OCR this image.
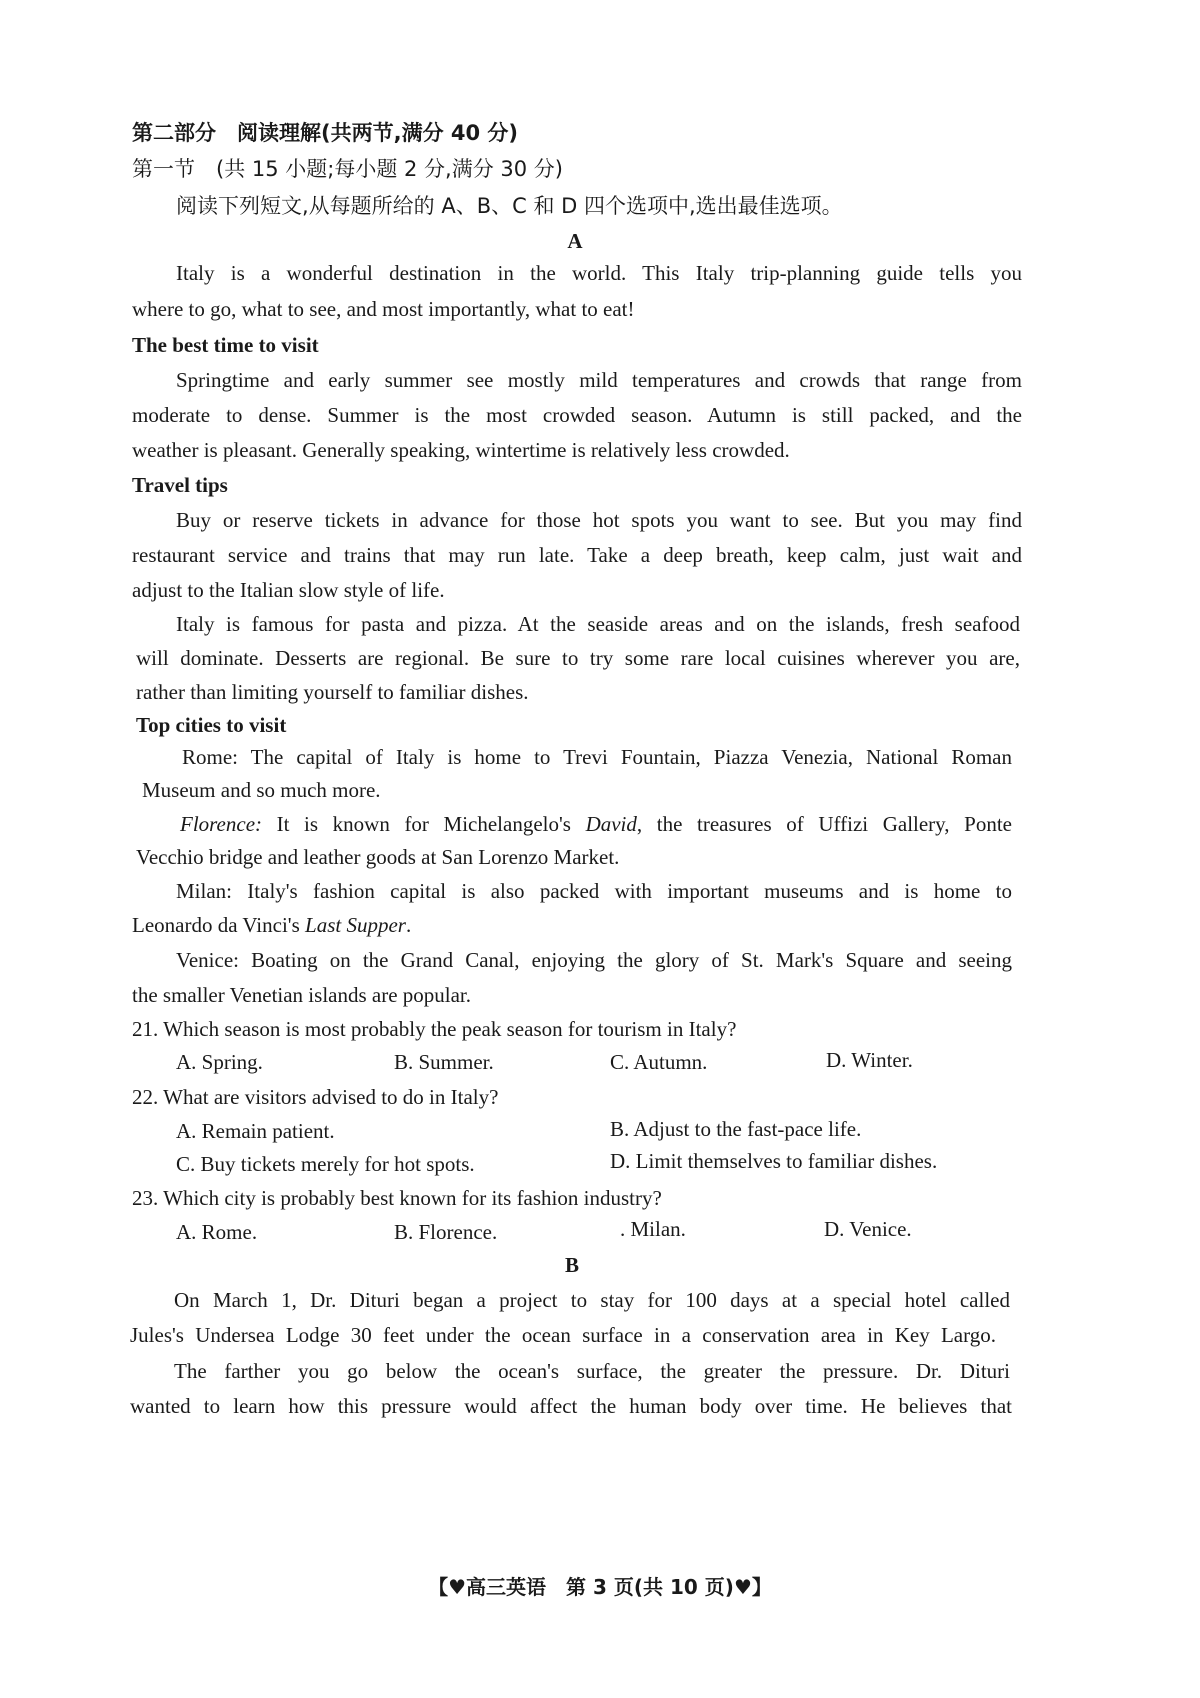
第二部分　阅读理解(共两节,满分 40 分)
第一节　(共 15 小题;每小题 2 分,满分 30 分)
阅读下列短文,从每题所给的 A、B、C 和 D 四个选项中,选出最佳选项。
A
Italy is a wonderful destination in the world. This Italy trip-planning guide tells you
where to go, what to see, and most importantly, what to eat!
The best time to visit
Springtime and early summer see mostly mild temperatures and crowds that range from
moderate to dense. Summer is the most crowded season. Autumn is still packed, and the
weather is pleasant. Generally speaking, wintertime is relatively less crowded.
Travel tips
Buy or reserve tickets in advance for those hot spots you want to see. But you may find
restaurant service and trains that may run late. Take a deep breath, keep calm, just wait and
adjust to the Italian slow style of life.
Italy is famous for pasta and pizza. At the seaside areas and on the islands, fresh seafood
will dominate. Desserts are regional. Be sure to try some rare local cuisines wherever you are,
rather than limiting yourself to familiar dishes.
Top cities to visit
Rome: The capital of Italy is home to Trevi Fountain, Piazza Venezia, National Roman
Museum and so much more.
Florence: It is known for Michelangelo's David, the treasures of Uffizi Gallery, Ponte
Vecchio bridge and leather goods at San Lorenzo Market.
Milan: Italy's fashion capital is also packed with important museums and is home to
Leonardo da Vinci's Last Supper.
Venice: Boating on the Grand Canal, enjoying the glory of St. Mark's Square and seeing
the smaller Venetian islands are popular.
21. Which season is most probably the peak season for tourism in Italy?
A. Spring.	B. Summer.	C. Autumn.	D. Winter.
22. What are visitors advised to do in Italy?
A. Remain patient.	B. Adjust to the fast-pace life.
C. Buy tickets merely for hot spots.	D. Limit themselves to familiar dishes.
23. Which city is probably best known for its fashion industry?
A. Rome.	B. Florence.	. Milan.	D. Venice.
B
On March 1, Dr. Dituri began a project to stay for 100 days at a special hotel called
Jules's Undersea Lodge 30 feet under the ocean surface in a conservation area in Key Largo.
The farther you go below the ocean's surface, the greater the pressure. Dr. Dituri
wanted to learn how this pressure would affect the human body over time. He believes that
【♥高三英语　第 3 页(共 10 页)♥】
